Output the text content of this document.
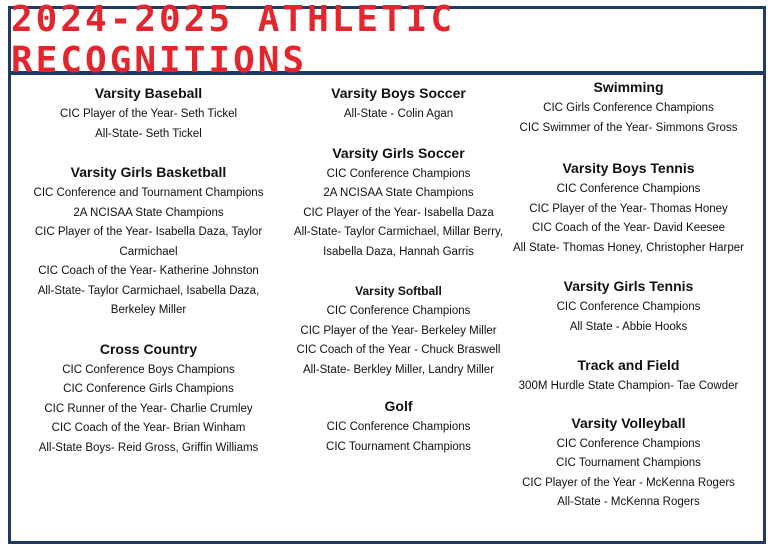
2024-2025 ATHLETIC RECOGNITIONS
Varsity Baseball
CIC Player of the Year- Seth Tickel
All-State- Seth Tickel
Varsity Girls Basketball
CIC Conference and Tournament Champions
2A NCISAA State Champions
CIC Player of the Year- Isabella Daza, Taylor
Carmichael
CIC Coach of the Year- Katherine Johnston
All-State- Taylor Carmichael, Isabella Daza,
Berkeley Miller
Cross Country
CIC Conference Boys Champions
CIC Conference Girls Champions
CIC Runner of the Year- Charlie Crumley
CIC Coach of the Year- Brian Winham
All-State Boys- Reid Gross, Griffin Williams
Varsity Boys Soccer
All-State - Colin Agan
Varsity Girls Soccer
CIC Conference Champions
2A NCISAA State Champions
CIC Player of the Year- Isabella Daza
All-State- Taylor Carmichael, Millar Berry,
Isabella Daza, Hannah Garris
Varsity Softball
CIC Conference Champions
CIC Player of the Year- Berkeley Miller
CIC Coach of the Year - Chuck Braswell
All-State- Berkley Miller, Landry Miller
Golf
CIC Conference Champions
CIC Tournament Champions
Swimming
CIC Girls Conference Champions
CIC Swimmer of the Year- Simmons Gross
Varsity Boys Tennis
CIC Conference Champions
CIC Player of the Year- Thomas Honey
CIC Coach of the Year- David Keesee
All State- Thomas Honey, Christopher Harper
Varsity Girls Tennis
CIC Conference Champions
All State - Abbie Hooks
Track and Field
300M Hurdle State Champion- Tae Cowder
Varsity Volleyball
CIC Conference Champions
CIC Tournament Champions
CIC Player of the Year - McKenna Rogers
All-State - McKenna Rogers
